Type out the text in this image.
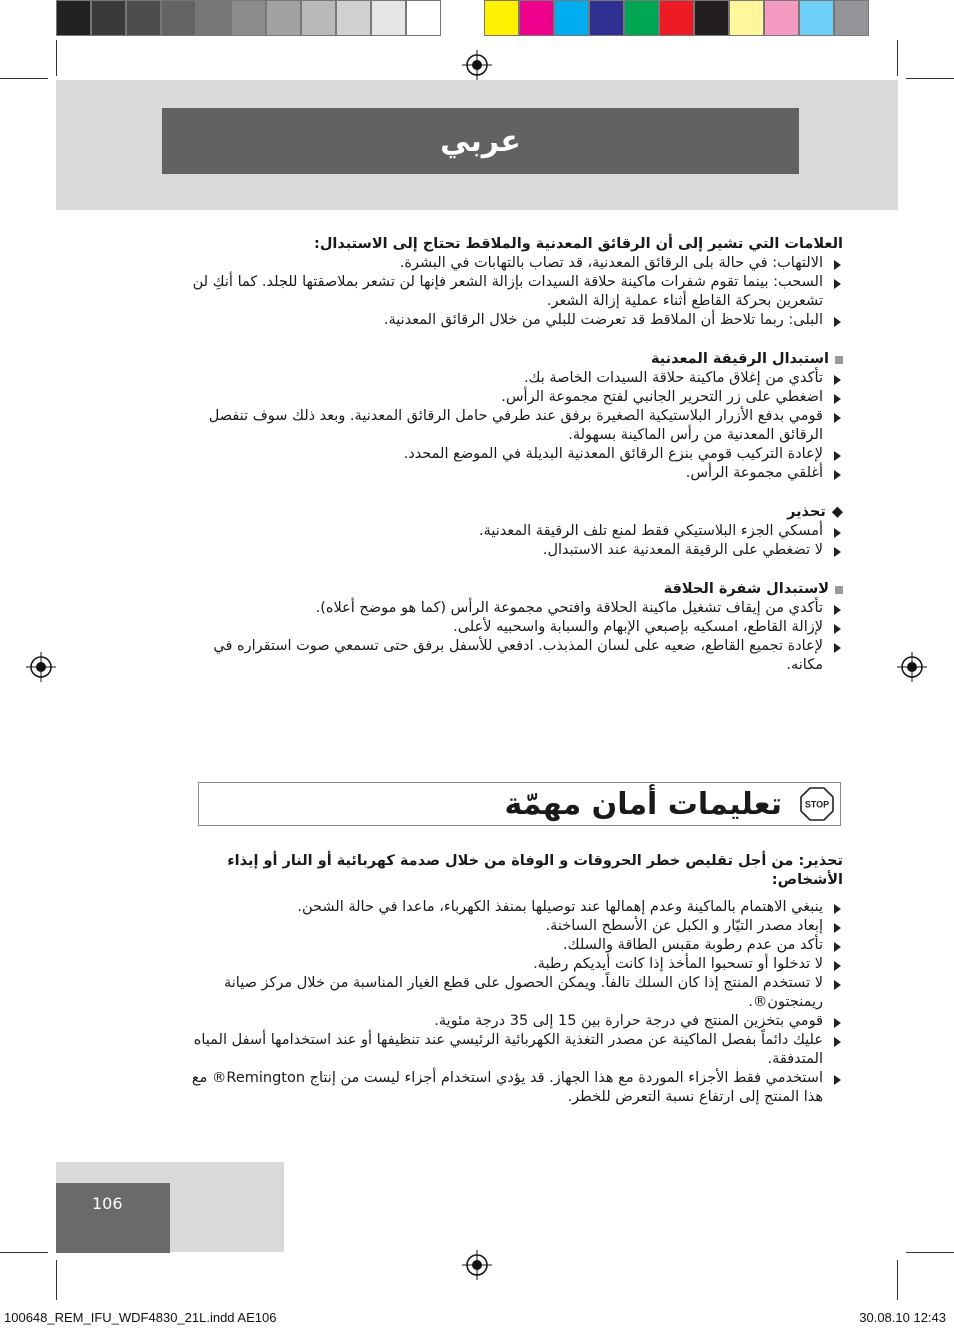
عربي

العلامات التي تشير إلى أن الرقائق المعدنية والملاقط تحتاج إلى الاستبدال:

الالتهاب: في حالة بلى الرقائق المعدنية، قد تصاب بالتهابات في البشرة.
السحب: بينما تقوم شفرات ماكينة حلاقة السيدات بإزالة الشعر فإنها لن تشعر بملاصقتها للجلد. كما أنكِ لن تشعرين بحركة القاطع أثناء عملية إزالة الشعر.
البلى: ربما تلاحظ أن الملاقط قد تعرضت للبلي من خلال الرقائق المعدنية.

استبدال الرقيقة المعدنية

تأكدي من إغلاق ماكينة حلاقة السيدات الخاصة بك.
اضغطي على زر التحرير الجانبي لفتح مجموعة الرأس.
قومي بدفع الأزرار البلاستيكية الصغيرة برفق عند طرفي حامل الرقائق المعدنية. وبعد ذلك سوف تنفصل الرقائق المعدنية من رأس الماكينة بسهولة.
لإعادة التركيب قومي بنزع الرقائق المعدنية البديلة في الموضع المحدد.
أغلقي مجموعة الرأس.

◆
تحذير

أمسكي الجزء البلاستيكي فقط لمنع تلف الرقيقة المعدنية.
لا تضغطي على الرقيقة المعدنية عند الاستبدال.

لاستبدال شفرة الحلاقة

تأكدي من إيقاف تشغيل ماكينة الحلاقة وافتحي مجموعة الرأس (كما هو موضح أعلاه).
لإزالة القاطع، امسكيه بإصبعي الإبهام والسبابة واسحبيه لأعلى.
لإعادة تجميع القاطع، ضعيه على لسان المذبذب. ادفعي للأسفل برفق حتى تسمعي صوت استقراره في مكانه.
STOP
تعليمات أمان مهمّة

تحذير: من أجل تقليص خطر الحروقات و الوفاة من خلال صدمة كهربائية أو النار أو إيذاء الأشخاص:

ينبغي الاهتمام بالماكينة وعدم إهمالها عند توصيلها بمنفذ الكهرباء، ماعدا في حالة الشحن.
إبعاد مصدر التيّار و الكبل عن الأسطح الساخنة.
تأكد من عدم رطوبة مقبس الطاقة والسلك.
لا تدخلوا أو تسحبوا المأخذ إذا كانت أيديكم رطبة.
لا تستخدم المنتج إذا كان السلك تالفاً. ويمكن الحصول على قطع الغيار المناسبة من خلال مركز صيانة ريمنجتون®.
قومي بتخزين المنتج في درجة حرارة بين 15 إلى 35 درجة مئوية.
عليك دائماً بفصل الماكينة عن مصدر التغذية الكهربائية الرئيسي عند تنظيفها أو عند استخدامها أسفل المياه المتدفقة.
استخدمي فقط الأجزاء الموردة مع هذا الجهاز. قد يؤدي استخدام أجزاء ليست من إنتاج Remington® مع هذا المنتج إلى ارتفاع نسبة التعرض للخطر.
106
100648_REM_IFU_WDF4830_21L.indd AE106	30.08.10 12:43
